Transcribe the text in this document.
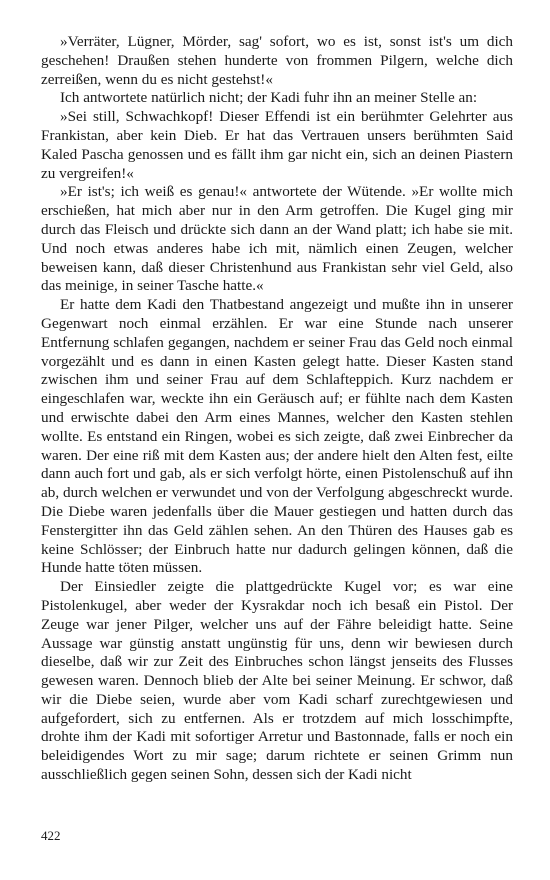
»Verräter, Lügner, Mörder, sag' sofort, wo es ist, sonst ist's um dich geschehen! Draußen stehen hunderte von frommen Pilgern, welche dich zerreißen, wenn du es nicht gestehst!«

Ich antwortete natürlich nicht; der Kadi fuhr ihn an meiner Stelle an:

»Sei still, Schwachkopf! Dieser Effendi ist ein berühmter Gelehrter aus Frankistan, aber kein Dieb. Er hat das Vertrauen unsers berühmten Said Kaled Pascha genossen und es fällt ihm gar nicht ein, sich an deinen Piastern zu vergreifen!«

»Er ist's; ich weiß es genau!« antwortete der Wütende. »Er wollte mich erschießen, hat mich aber nur in den Arm getroffen. Die Kugel ging mir durch das Fleisch und drückte sich dann an der Wand platt; ich habe sie mit. Und noch etwas anderes habe ich mit, nämlich einen Zeugen, welcher beweisen kann, daß dieser Christenhund aus Frankistan sehr viel Geld, also das meinige, in seiner Tasche hatte.«

Er hatte dem Kadi den Thatbestand angezeigt und mußte ihn in unserer Gegenwart noch einmal erzählen. Er war eine Stunde nach unserer Entfernung schlafen gegangen, nachdem er seiner Frau das Geld noch einmal vorgezählt und es dann in einen Kasten gelegt hatte. Dieser Kasten stand zwischen ihm und seiner Frau auf dem Schlafteppich. Kurz nachdem er eingeschlafen war, weckte ihn ein Geräusch auf; er fühlte nach dem Kasten und erwischte dabei den Arm eines Mannes, welcher den Kasten stehlen wollte. Es entstand ein Ringen, wobei es sich zeigte, daß zwei Einbrecher da waren. Der eine riß mit dem Kasten aus; der andere hielt den Alten fest, eilte dann auch fort und gab, als er sich verfolgt hörte, einen Pistolenschuß auf ihn ab, durch welchen er verwundet und von der Verfolgung abgeschreckt wurde. Die Diebe waren jedenfalls über die Mauer gestiegen und hatten durch das Fenstergitter ihn das Geld zählen sehen. An den Thüren des Hauses gab es keine Schlösser; der Einbruch hatte nur dadurch gelingen können, daß die Hunde hatte töten müssen.

Der Einsiedler zeigte die plattgedrückte Kugel vor; es war eine Pistolenkugel, aber weder der Kysrakdar noch ich besaß ein Pistol. Der Zeuge war jener Pilger, welcher uns auf der Fähre beleidigt hatte. Seine Aussage war günstig anstatt ungünstig für uns, denn wir bewiesen durch dieselbe, daß wir zur Zeit des Einbruches schon längst jenseits des Flusses gewesen waren. Dennoch blieb der Alte bei seiner Meinung. Er schwor, daß wir die Diebe seien, wurde aber vom Kadi scharf zurechtgewiesen und aufgefordert, sich zu entfernen. Als er trotzdem auf mich losschimpfte, drohte ihm der Kadi mit sofortiger Arretur und Bastonnade, falls er noch ein beleidigendes Wort zu mir sage; darum richtete er seinen Grimm nun ausschließlich gegen seinen Sohn, dessen sich der Kadi nicht

422
